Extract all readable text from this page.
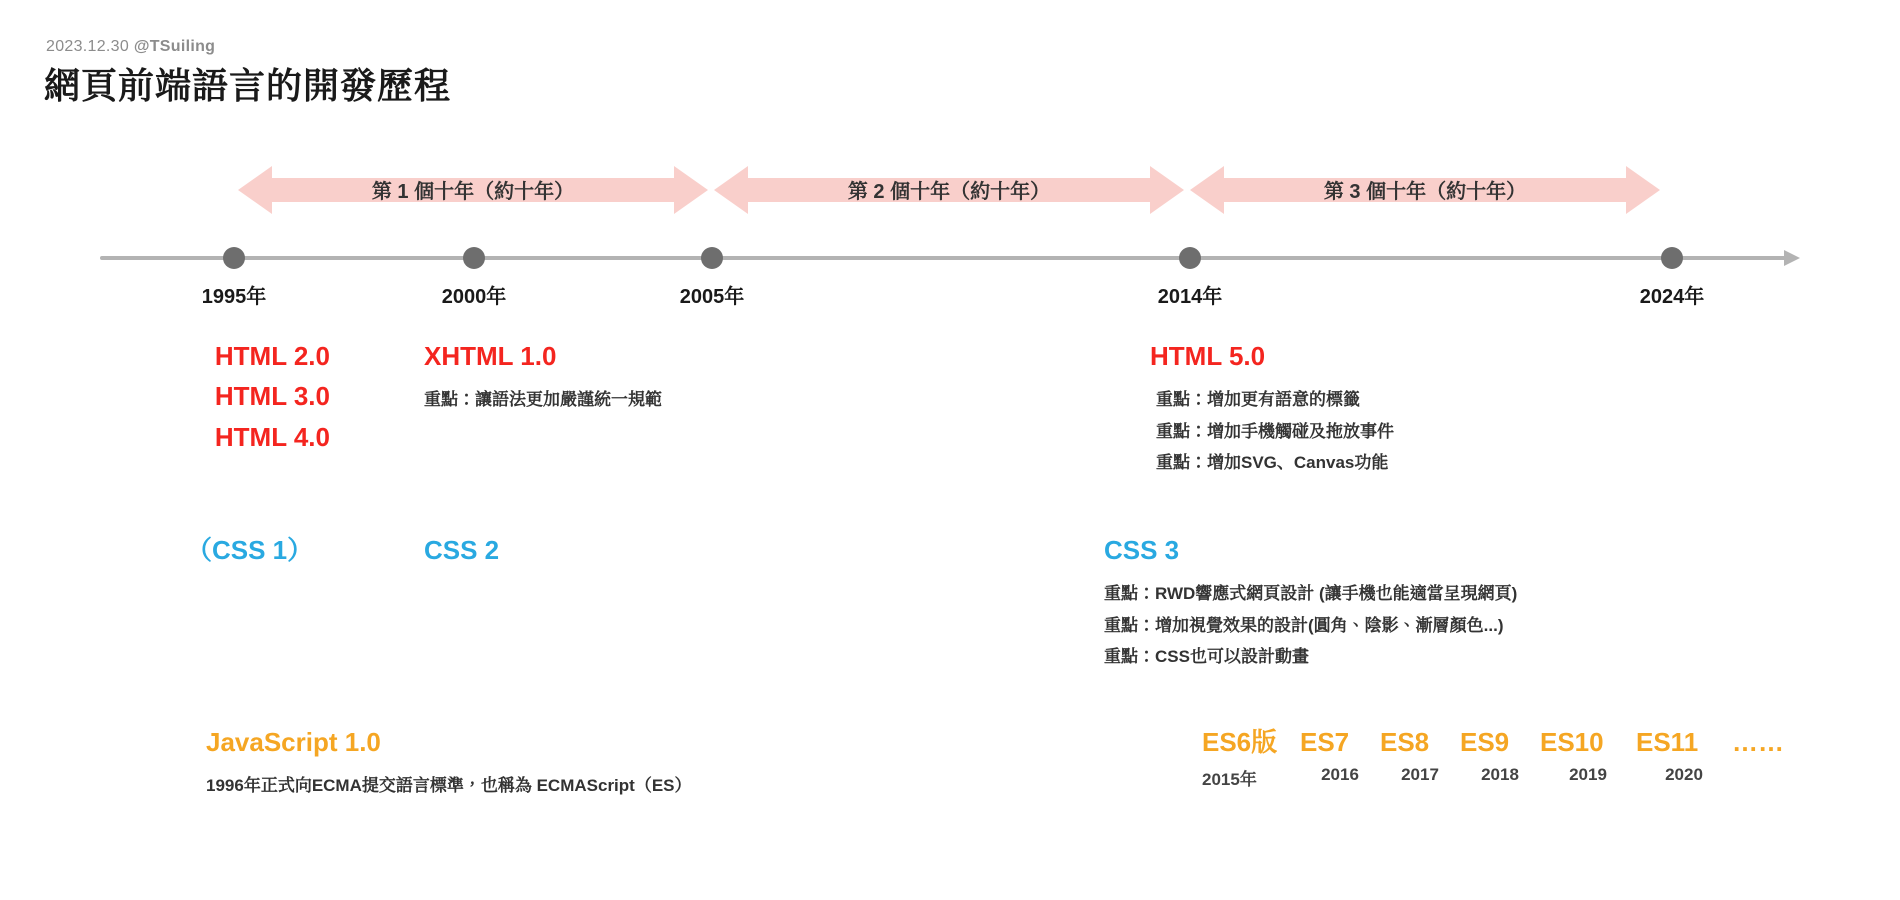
2023.12.30 @TSuiling
網頁前端語言的開發歷程
第 1 個十年（約十年）	第 2 個十年（約十年）	第 3 個十年（約十年）
1995年	2000年	2005年	2014年	2024年
HTML 2.0
HTML 3.0
HTML 4.0
XHTML 1.0
重點：讓語法更加嚴謹統一規範
HTML 5.0
重點：增加更有語意的標籤
重點：增加手機觸碰及拖放事件
重點：增加SVG、Canvas功能
（CSS 1）	CSS 2	CSS 3
重點：RWD響應式網頁設計 (讓手機也能適當呈現網頁)
重點：增加視覺效果的設計(圓角、陰影、漸層顏色...)
重點：CSS也可以設計動畫
JavaScript 1.0
1996年正式向ECMA提交語言標準，也稱為 ECMAScript（ES）
ES6版 ES7	ES8	ES9	ES10	ES11	……
2015年	2016	2017	2018	2019	2020
